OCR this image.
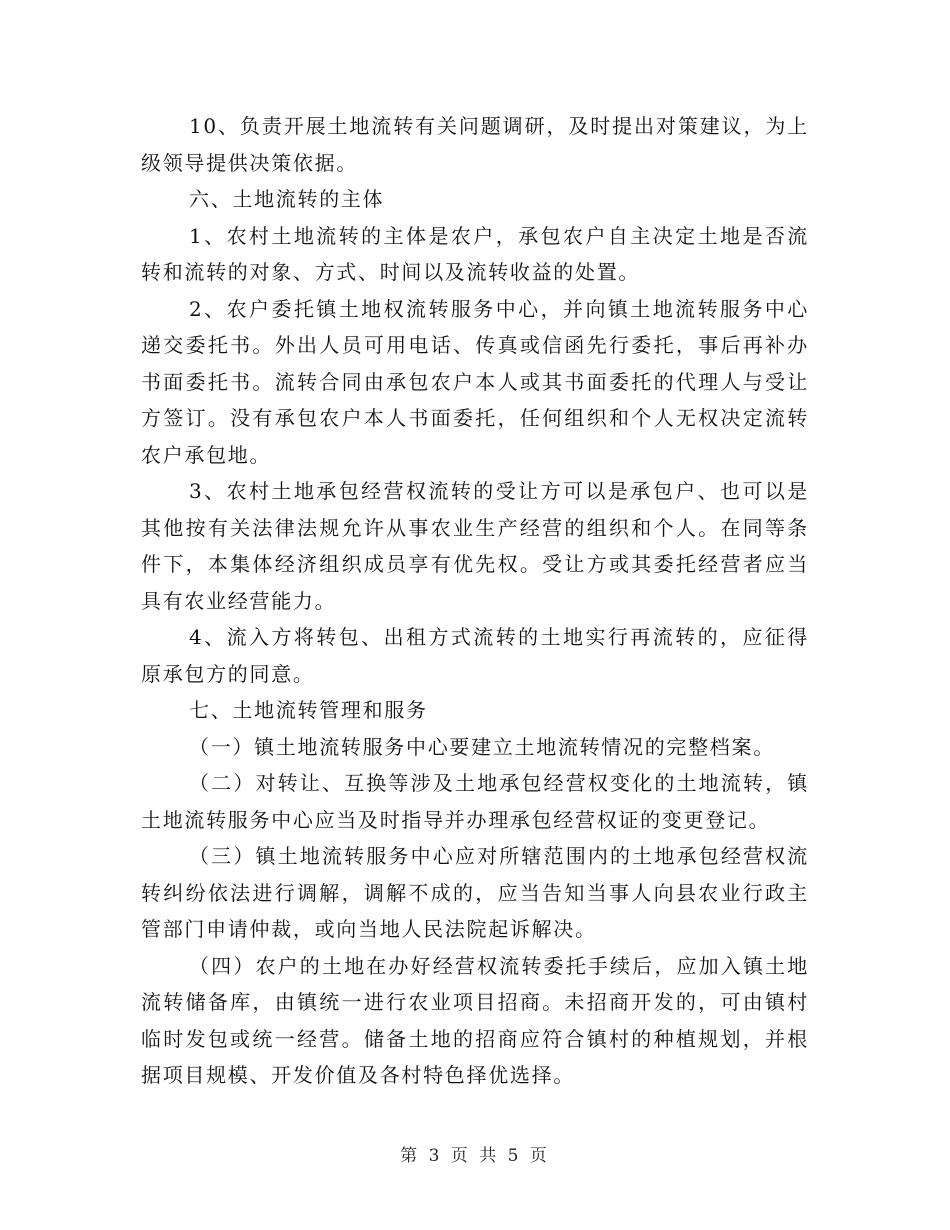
10、负责开展土地流转有关问题调研，及时提出对策建议，为上级领导提供决策依据。

六、土地流转的主体

1、农村土地流转的主体是农户，承包农户自主决定土地是否流转和流转的对象、方式、时间以及流转收益的处置。

2、农户委托镇土地权流转服务中心，并向镇土地流转服务中心递交委托书。外出人员可用电话、传真或信函先行委托，事后再补办书面委托书。流转合同由承包农户本人或其书面委托的代理人与受让方签订。没有承包农户本人书面委托，任何组织和个人无权决定流转农户承包地。

3、农村土地承包经营权流转的受让方可以是承包户、也可以是其他按有关法律法规允许从事农业生产经营的组织和个人。在同等条件下，本集体经济组织成员享有优先权。受让方或其委托经营者应当具有农业经营能力。

4、流入方将转包、出租方式流转的土地实行再流转的，应征得原承包方的同意。

七、土地流转管理和服务

（一）镇土地流转服务中心要建立土地流转情况的完整档案。

（二）对转让、互换等涉及土地承包经营权变化的土地流转，镇土地流转服务中心应当及时指导并办理承包经营权证的变更登记。

（三）镇土地流转服务中心应对所辖范围内的土地承包经营权流转纠纷依法进行调解，调解不成的，应当告知当事人向县农业行政主管部门申请仲裁，或向当地人民法院起诉解决。

（四）农户的土地在办好经营权流转委托手续后，应加入镇土地流转储备库，由镇统一进行农业项目招商。未招商开发的，可由镇村临时发包或统一经营。储备土地的招商应符合镇村的种植规划，并根据项目规模、开发价值及各村特色择优选择。

第 3 页 共 5 页
